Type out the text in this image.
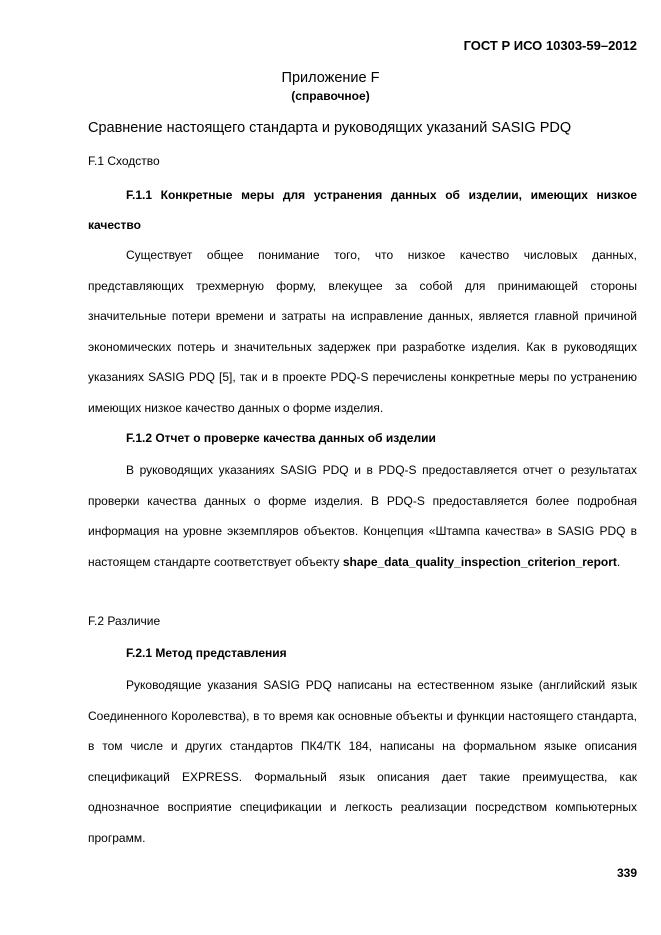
ГОСТ Р ИСО 10303-59–2012
Приложение F
(справочное)
Сравнение настоящего стандарта и руководящих указаний SASIG PDQ
F.1 Сходство

F.1.1 Конкретные меры для устранения данных об изделии, имеющих низкое качество

Существует общее понимание того, что низкое качество числовых данных, представляющих трехмерную форму, влекущее за собой для принимающей стороны значительные потери времени и затраты на исправление данных, является главной причиной экономических потерь и значительных задержек при разработке изделия. Как в руководящих указаниях SASIG PDQ [5], так и в проекте PDQ-S перечислены конкретные меры по устранению имеющих низкое качество данных о форме изделия.

F.1.2 Отчет о проверке качества данных об изделии

В руководящих указаниях SASIG PDQ и в PDQ-S предоставляется отчет о результатах проверки качества данных о форме изделия. В PDQ-S предоставляется более подробная информация на уровне экземпляров объектов. Концепция «Штампа качества» в SASIG PDQ в настоящем стандарте соответствует объекту shape_data_quality_inspection_criterion_report.

F.2 Различие
F.2.1 Метод представления

Руководящие указания SASIG PDQ написаны на естественном языке (английский язык Соединенного Королевства), в то время как основные объекты и функции настоящего стандарта, в том числе и других стандартов ПК4/ТК 184, написаны на формальном языке описания спецификаций EXPRESS. Формальный язык описания дает такие преимущества, как однозначное восприятие спецификации и легкость реализации посредством компьютерных программ.

339
